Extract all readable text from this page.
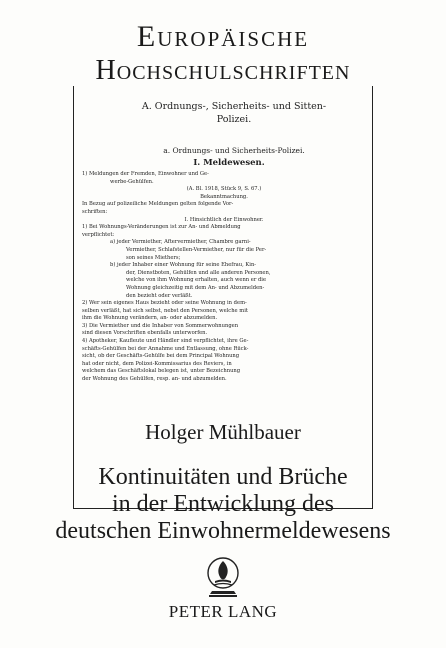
Europäische
Hochschulschriften
A. Ordnungs-, Sicherheits- und Sitten-
Polizei.
a. Ordnungs- und Sicherheits-Polizei.
I. Meldewesen.
1) Meldungen der Fremden, Einwohner und Ge-
werbe-Gehülfen.
(A. Bl. 1918, Stück 9, S. 67.)
Bekanntmachung.
In Bezug auf polizeiliche Meldungen gelten folgende Vor-
schriften:
I. Hinsichtlich der Einwohner.
1) Bei Wohnungs-Veränderungen ist zur An- und Abmeldung
verpflichtet:
a) jeder Vermiether, Aftervermiether, Chambre garni-
Vermiether, Schlafstellen-Vermiether, nur für die Per-
son seines Miethers;
b) jeder Inhaber einer Wohnung für seine Ehefrau, Kin-
der, Dienstboten, Gehülfen und alle anderen Personen,
welche von ihm Wohnung erhalten, auch wenn er die
Wohnung gleichzeitig mit dem An- und Abzumelden-
den bezieht oder verläßt.
2) Wer sein eigenes Haus bezieht oder seine Wohnung in dem-
selben verläßt, hat sich selbst, nebst den Personen, welche mit
ihm die Wohnung verändern, an- oder abzumelden.
3) Die Vermiether und die Inhaber von Sommerwohnungen
sind diesen Vorschriften ebenfalls unterworfen.
4) Apotheker, Kaufleute und Händler sind verpflichtet, ihre Ge-
schäfts-Gehülfen bei der Annahme und Entlassung, ohne Rück-
sicht, ob der Geschäfts-Gehülfe bei dem Principal Wohnung
hat oder nicht, dem Polizei-Kommissarius des Reviers, in
welchem das Geschäftslokal belegen ist, unter Bezeichnung
der Wohnung des Gehülfen, resp. an- und abzumelden.
Holger Mühlbauer
Kontinuitäten und Brüche
in der Entwicklung des
deutschen Einwohnermeldewesens
PETER LANG
